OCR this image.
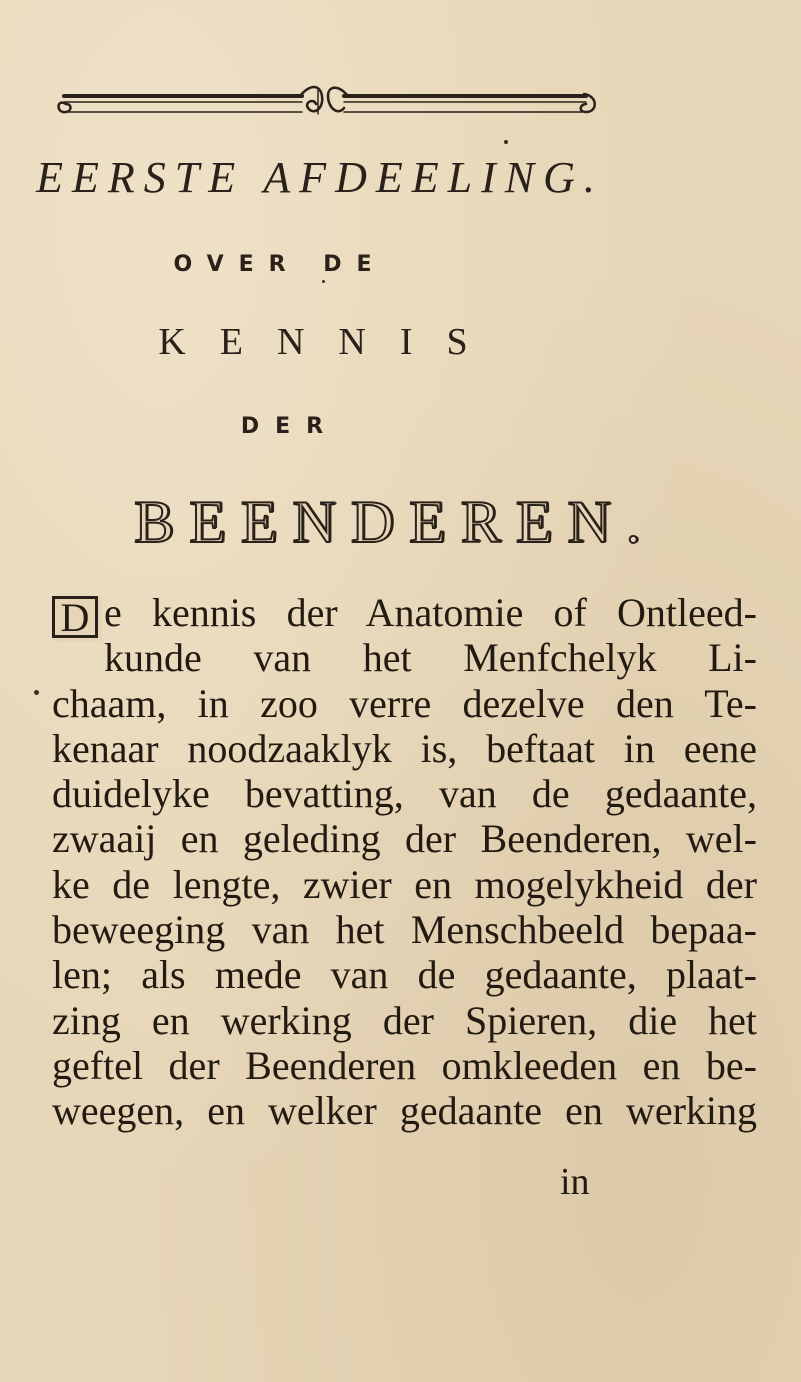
EERSTE AFDEELING.
OVER DE
KENNIS
DER
BEENDEREN.
D e kennis der Anatomie of Ontleed-
kunde van het Menfchelyk Li-
chaam, in zoo verre dezelve den Te-
kenaar noodzaaklyk is, beftaat in eene
duidelyke bevatting, van de gedaante,
zwaaij en geleding der Beenderen, wel-
ke de lengte, zwier en mogelykheid der
beweeging van het Menschbeeld bepaa-
len; als mede van de gedaante, plaat-
zing en werking der Spieren, die het
geftel der Beenderen omkleeden en be-
weegen, en welker gedaante en werking
in
